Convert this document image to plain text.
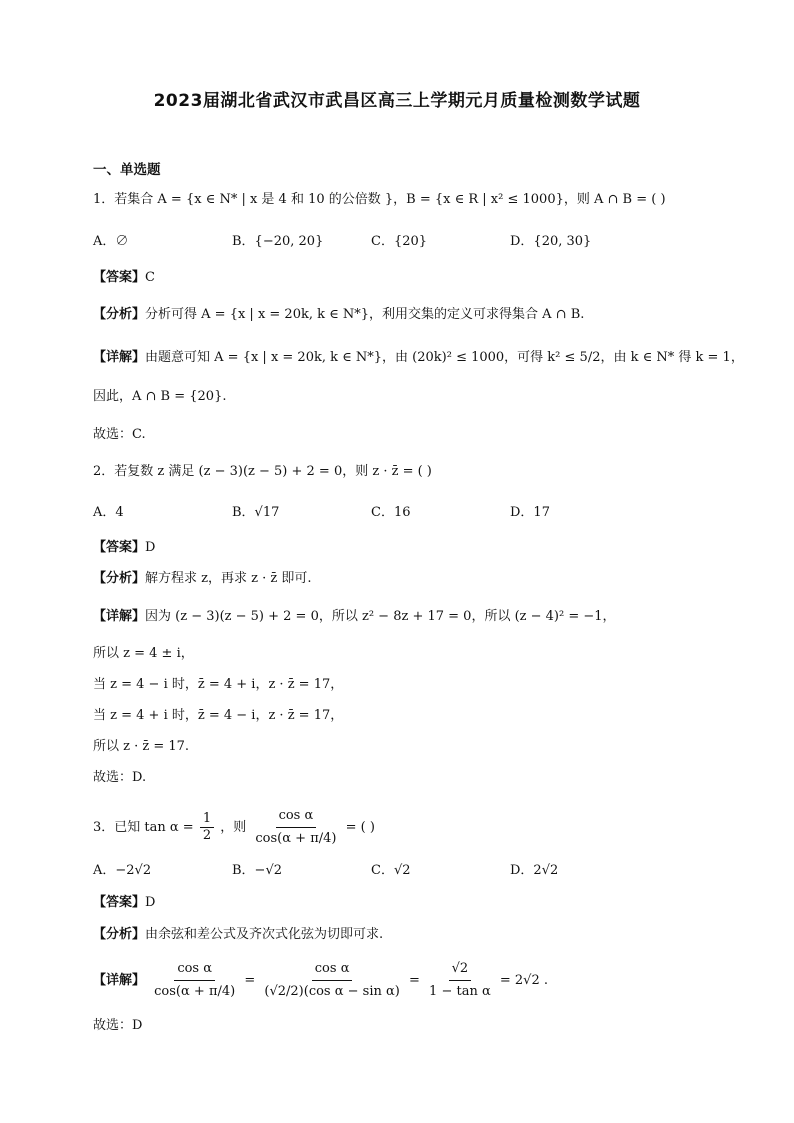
2023届湖北省武汉市武昌区高三上学期元月质量检测数学试题
一、单选题
1．若集合 A = {x ∈ N* | x 是 4 和 10 的公倍数 }，B = {x ∈ R | x² ≤ 1000}，则 A ∩ B = ( )
A．∅	B．{−20, 20}	C．{20}	D．{20, 30}
【答案】C
【分析】分析可得 A = {x | x = 20k, k ∈ N*}，利用交集的定义可求得集合 A ∩ B.
【详解】由题意可知 A = {x | x = 20k, k ∈ N*}，由 (20k)² ≤ 1000，可得 k² ≤ 5/2，由 k ∈ N* 得 k = 1，
因此，A ∩ B = {20}.
故选：C.
2．若复数 z 满足 (z − 3)(z − 5) + 2 = 0，则 z · z̄ = ( )
A．4	B．√17	C．16	D．17
【答案】D
【分析】解方程求 z，再求 z · z̄ 即可.
【详解】因为 (z − 3)(z − 5) + 2 = 0，所以 z² − 8z + 17 = 0，所以 (z − 4)² = −1，
所以 z = 4 ± i，
当 z = 4 − i 时，z̄ = 4 + i，z · z̄ = 17，
当 z = 4 + i 时，z̄ = 4 − i，z · z̄ = 17，
所以 z · z̄ = 17.
故选：D.
3．已知 $\tan \alpha = \frac{1}{2}$ ，则 $\frac{\text{cos α}}{\cos(\alpha + \pi/4)}$ = ( )
A．−2√2	B．−√2	C．√2	D．2√2
【答案】D
【分析】由余弦和差公式及齐次式化弦为切即可求.
【详解】 $\frac{\text{cos α}}{\cos(\alpha + \pi/4)} = \frac{\text{cos α}}{\text{(√2/2)(cos α − sin α)}} = \frac{√2}{\text{1 − tan α}} = 2√2$ .
故选：D
